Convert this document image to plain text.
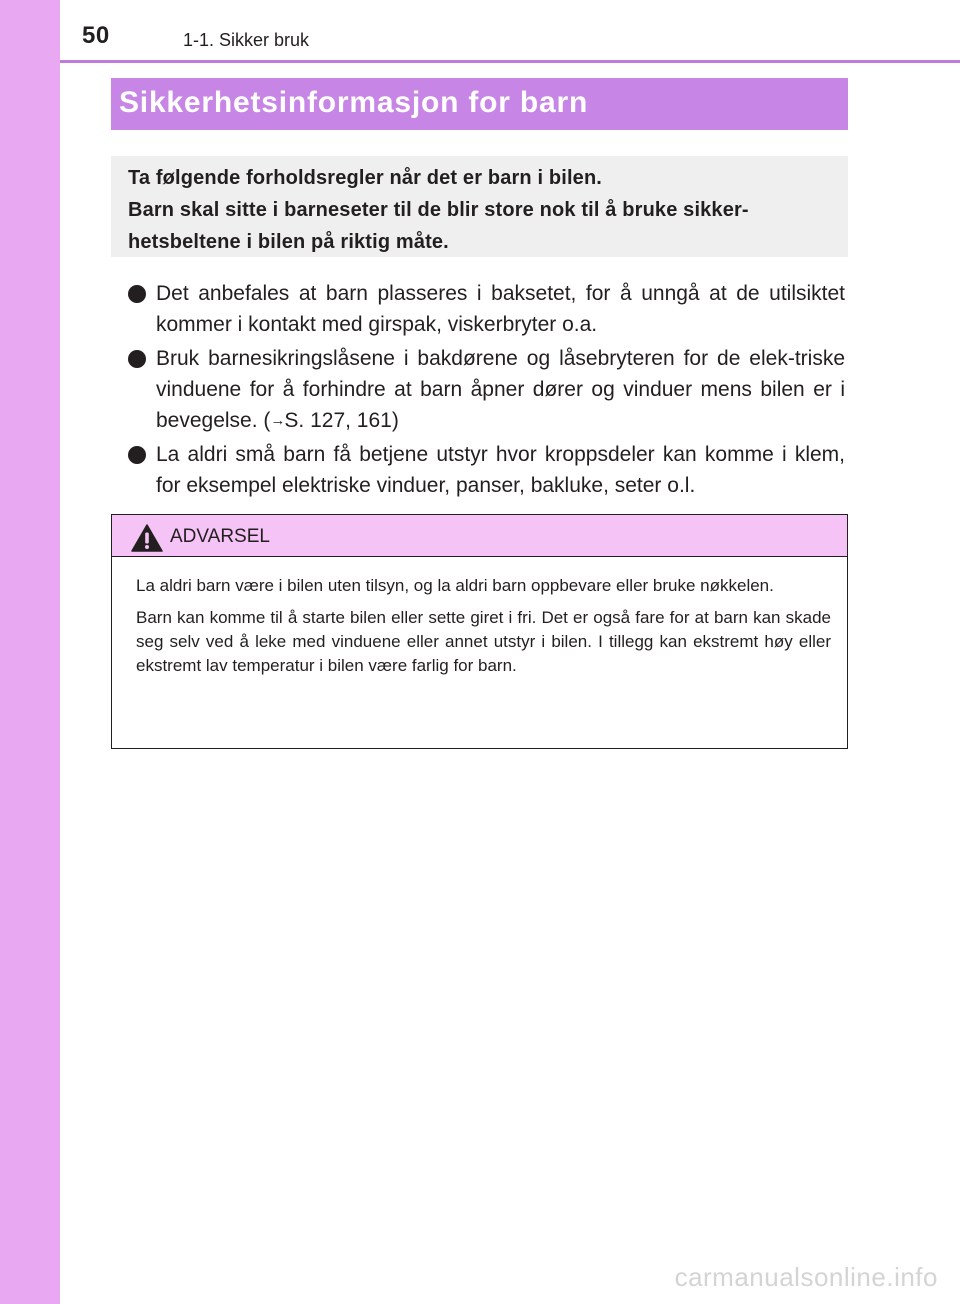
50	1-1. Sikker bruk
Sikkerhetsinformasjon for barn
Ta følgende forholdsregler når det er barn i bilen.
Barn skal sitte i barneseter til de blir store nok til å bruke sikker-
hetsbeltene i bilen på riktig måte.
Det anbefales at barn plasseres i baksetet, for å unngå at de utilsiktet kommer i kontakt med girspak, viskerbryter o.a.
Bruk barnesikringslåsene i bakdørene og låsebryteren for de elek-triske vinduene for å forhindre at barn åpner dører og vinduer mens bilen er i bevegelse. (→S. 127, 161)
La aldri små barn få betjene utstyr hvor kroppsdeler kan komme i klem, for eksempel elektriske vinduer, panser, bakluke, seter o.l.
ADVARSEL

La aldri barn være i bilen uten tilsyn, og la aldri barn oppbevare eller bruke nøkkelen.

Barn kan komme til å starte bilen eller sette giret i fri. Det er også fare for at barn kan skade seg selv ved å leke med vinduene eller annet utstyr i bilen. I tillegg kan ekstremt høy eller ekstremt lav temperatur i bilen være farlig for barn.

carmanualsonline.info
